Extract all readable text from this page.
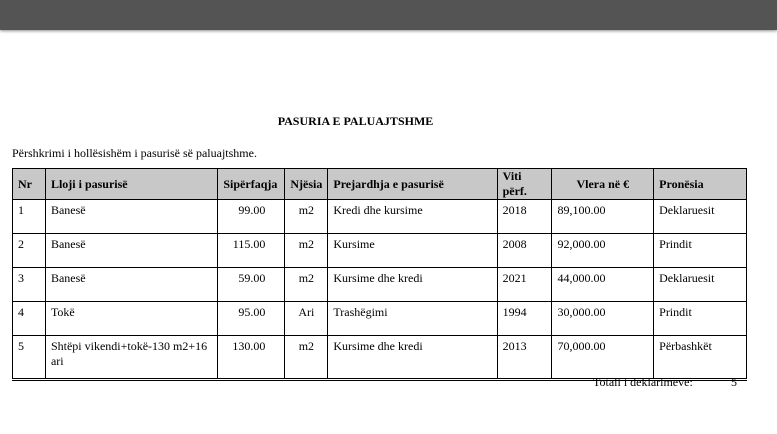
PASURIA E PALUAJTSHME
Përshkrimi i hollësishëm i pasurisë së paluajtshme.
Nr	Lloji i pasurisë	Sipërfaqja	Njësia	Prejardhja e pasurisë	Viti përf.	Vlera në €	Pronësia
1	Banesë	99.00	m2	Kredi dhe kursime	2018	89,100.00	Deklaruesit
2	Banesë	115.00	m2	Kursime	2008	92,000.00	Prindit
3	Banesë	59.00	m2	Kursime dhe kredi	2021	44,000.00	Deklaruesit
4	Tokë	95.00	Ari	Trashëgimi	1994	30,000.00	Prindit
5	Shtëpi vikendi+tokë-130 m2+16 ari	130.00	m2	Kursime dhe kredi	2013	70,000.00	Përbashkët
Totali i deklarimeve:	5
